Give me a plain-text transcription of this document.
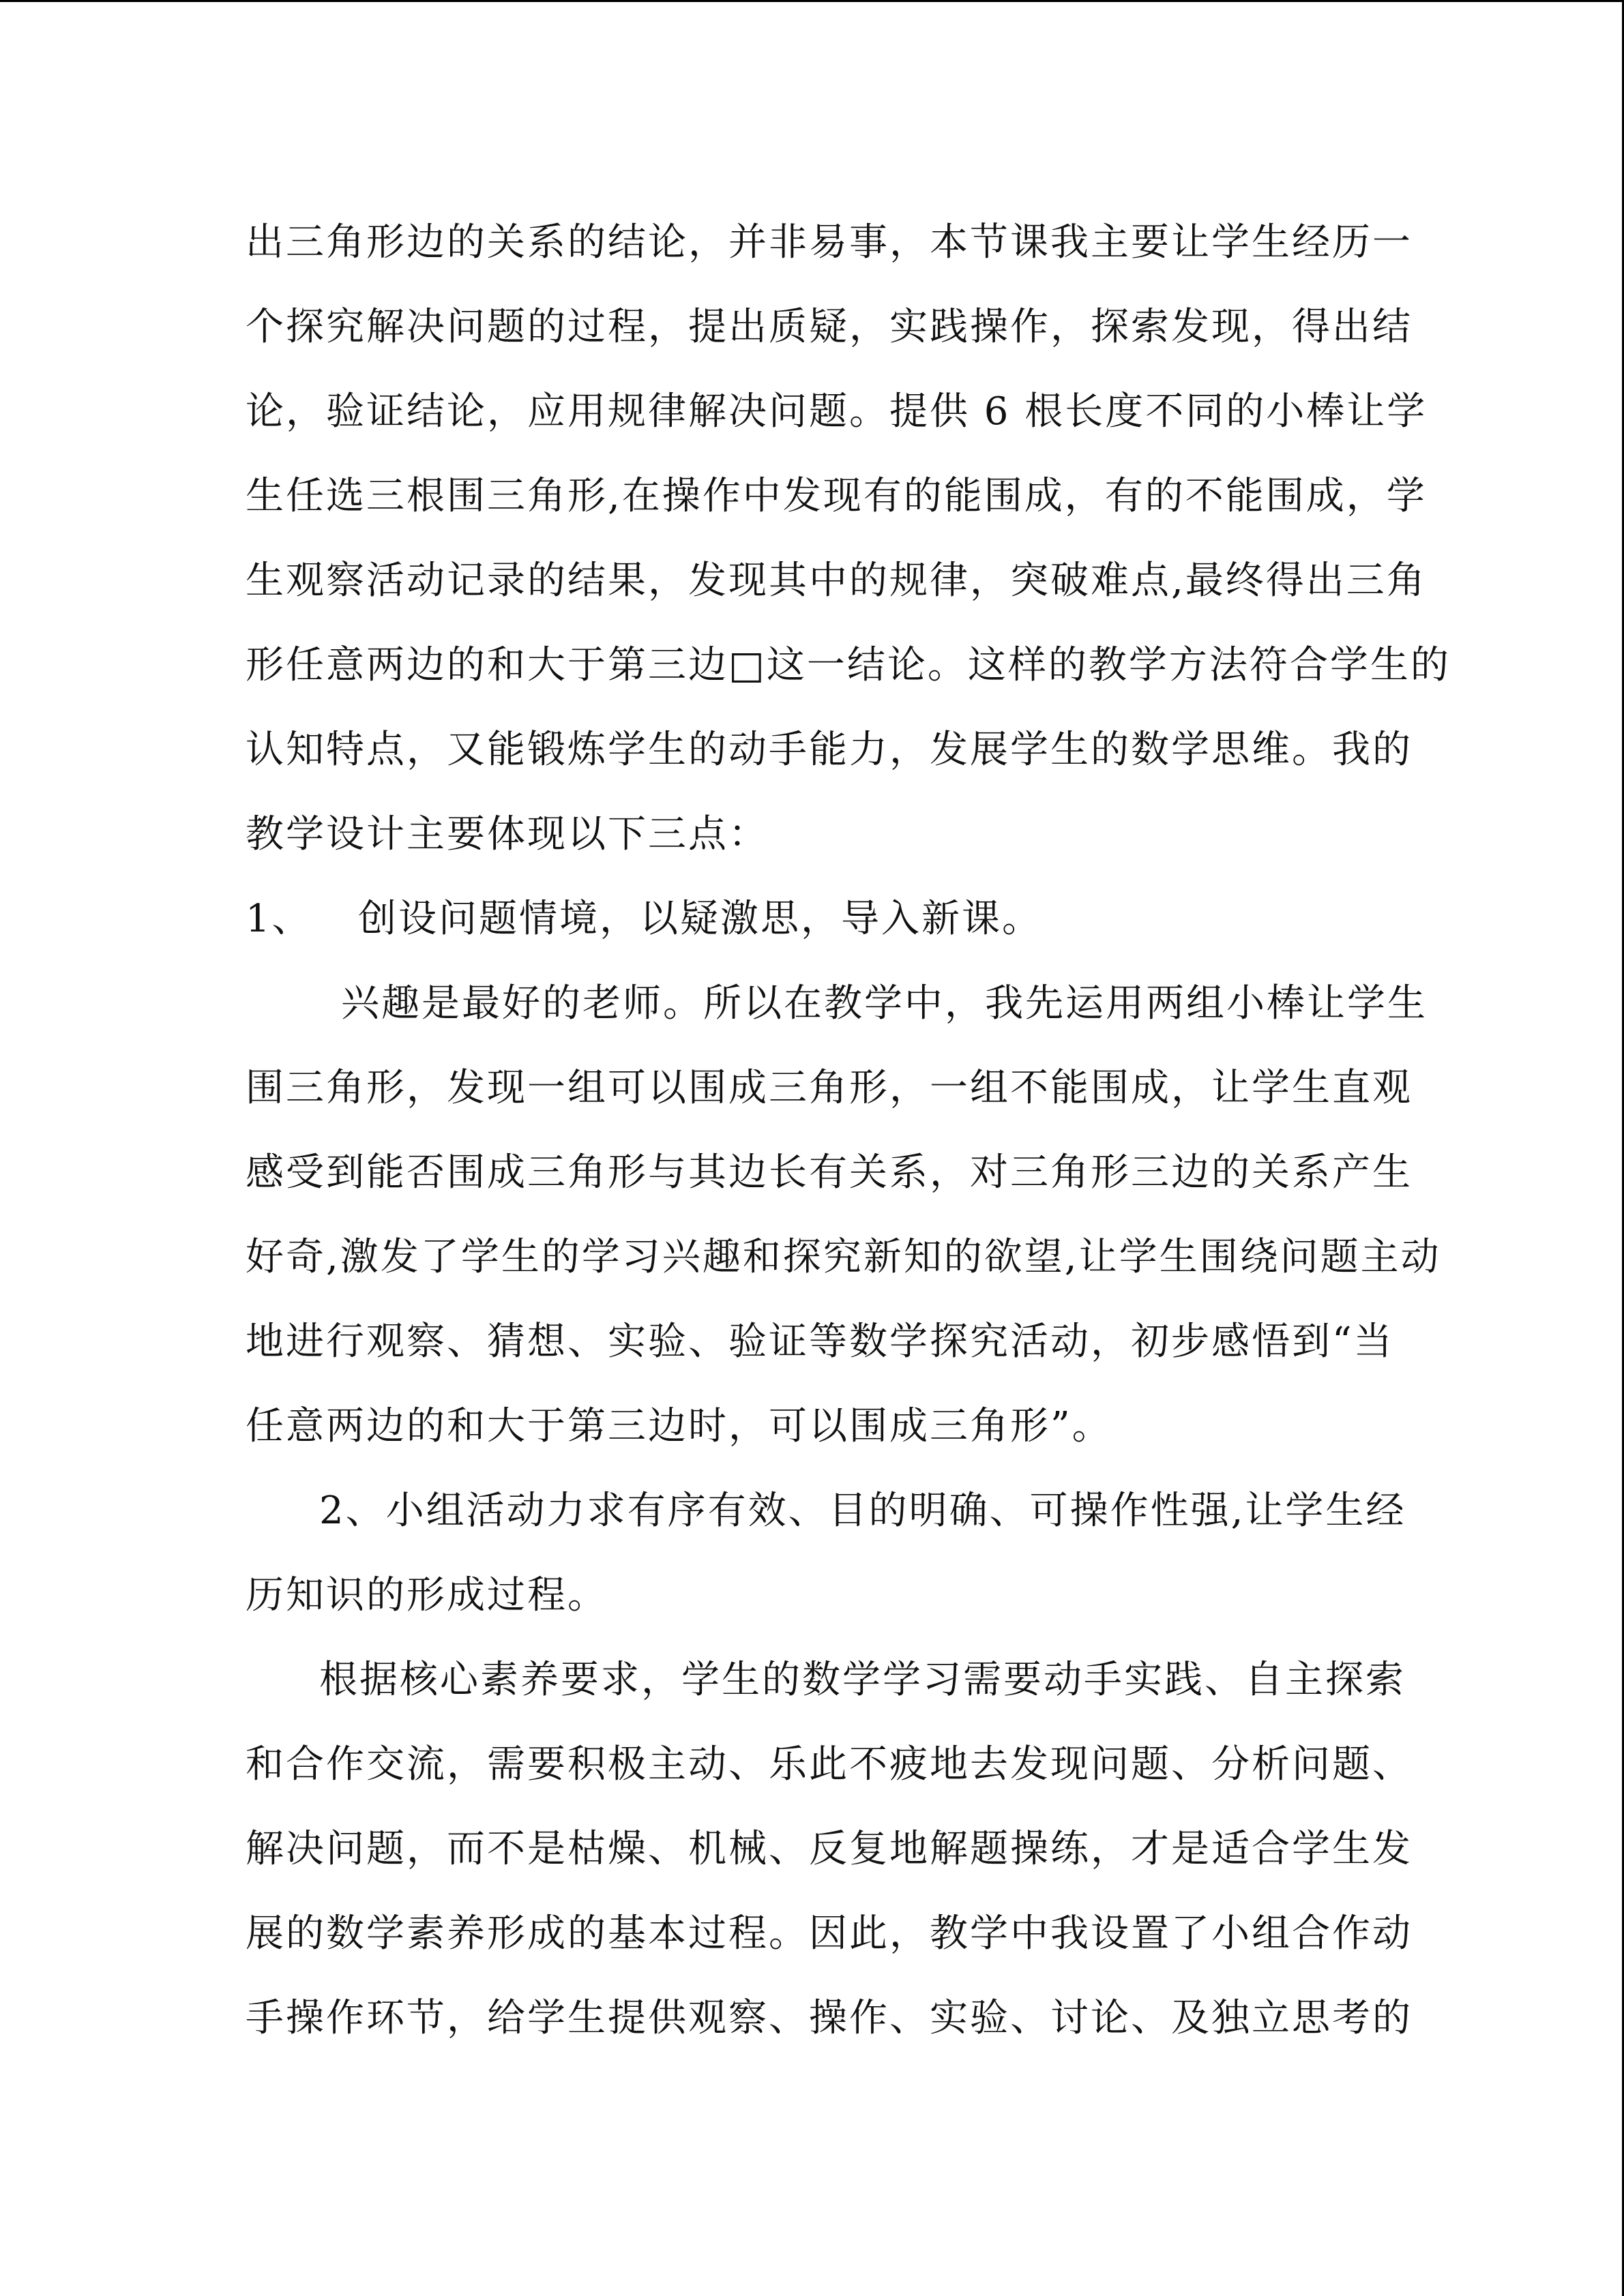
出三角形边的关系的结论，并非易事，本节课我主要让学生经历一
个探究解决问题的过程，提出质疑，实践操作，探索发现，得出结
论，验证结论，应用规律解决问题。提供 6 根长度不同的小棒让学
生任选三根围三角形,在操作中发现有的能围成，有的不能围成，学
生观察活动记录的结果，发现其中的规律，突破难点,最终得出三角
形任意两边的和大于第三边□这一结论。这样的教学方法符合学生的
认知特点，又能锻炼学生的动手能力，发展学生的数学思维。我的
教学设计主要体现以下三点：
1、	创设问题情境，以疑激思，导入新课。
兴趣是最好的老师。所以在教学中，我先运用两组小棒让学生
围三角形，发现一组可以围成三角形，一组不能围成，让学生直观
感受到能否围成三角形与其边长有关系，对三角形三边的关系产生
好奇,激发了学生的学习兴趣和探究新知的欲望,让学生围绕问题主动
地进行观察、猜想、实验、验证等数学探究活动，初步感悟到“当
任意两边的和大于第三边时，可以围成三角形”。
2、小组活动力求有序有效、目的明确、可操作性强,让学生经
历知识的形成过程。
根据核心素养要求，学生的数学学习需要动手实践、自主探索
和合作交流，需要积极主动、乐此不疲地去发现问题、分析问题、
解决问题，而不是枯燥、机械、反复地解题操练，才是适合学生发
展的数学素养形成的基本过程。因此，教学中我设置了小组合作动
手操作环节，给学生提供观察、操作、实验、讨论、及独立思考的
